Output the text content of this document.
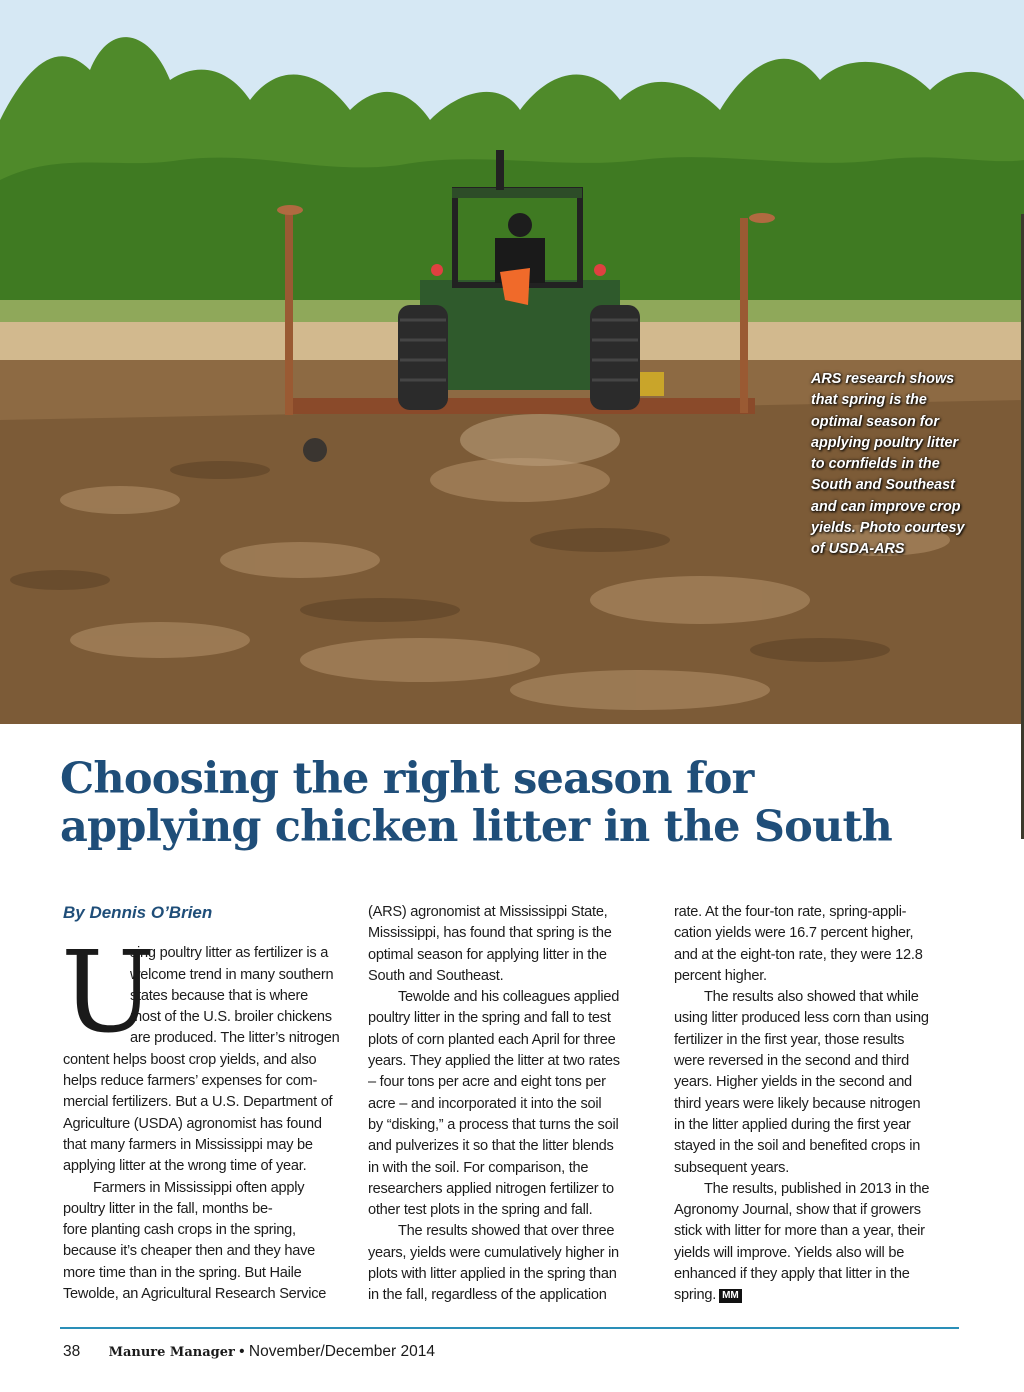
ARS research shows
that spring is the
optimal season for
applying poultry litter
to cornfields in the
South and Southeast
and can improve crop
yields. Photo courtesy
of USDA-ARS
Choosing the right season for
applying chicken litter in the South
By Dennis O’Brien
U
sing poultry litter as fertilizer is a
welcome trend in many southern
states because that is where
most of the U.S. broiler chickens
are produced. The litter’s nitrogen
content helps boost crop yields, and also
helps reduce farmers’ expenses for com-
mercial fertilizers. But a U.S. Department of
Agriculture (USDA) agronomist has found
that many farmers in Mississippi may be
applying litter at the wrong time of year.
Farmers in Mississippi often apply
poultry litter in the fall, months be-
fore planting cash crops in the spring,
because it’s cheaper then and they have
more time than in the spring. But Haile
Tewolde, an Agricultural Research Service
(ARS) agronomist at Mississippi State,
Mississippi, has found that spring is the
optimal season for applying litter in the
South and Southeast.
Tewolde and his colleagues applied
poultry litter in the spring and fall to test
plots of corn planted each April for three
years. They applied the litter at two rates
– four tons per acre and eight tons per
acre – and incorporated it into the soil
by “disking,” a process that turns the soil
and pulverizes it so that the litter blends
in with the soil. For comparison, the
researchers applied nitrogen fertilizer to
other test plots in the spring and fall.
The results showed that over three
years, yields were cumulatively higher in
plots with litter applied in the spring than
in the fall, regardless of the application
rate. At the four-ton rate, spring-appli-
cation yields were 16.7 percent higher,
and at the eight-ton rate, they were 12.8
percent higher.
The results also showed that while
using litter produced less corn than using
fertilizer in the first year, those results
were reversed in the second and third
years. Higher yields in the second and
third years were likely because nitrogen
in the litter applied during the first year
stayed in the soil and benefited crops in
subsequent years.
The results, published in 2013 in the
Agronomy Journal, show that if growers
stick with litter for more than a year, their
yields will improve. Yields also will be
enhanced if they apply that litter in the
spring. MM
38 Manure Manager • November/December 2014
